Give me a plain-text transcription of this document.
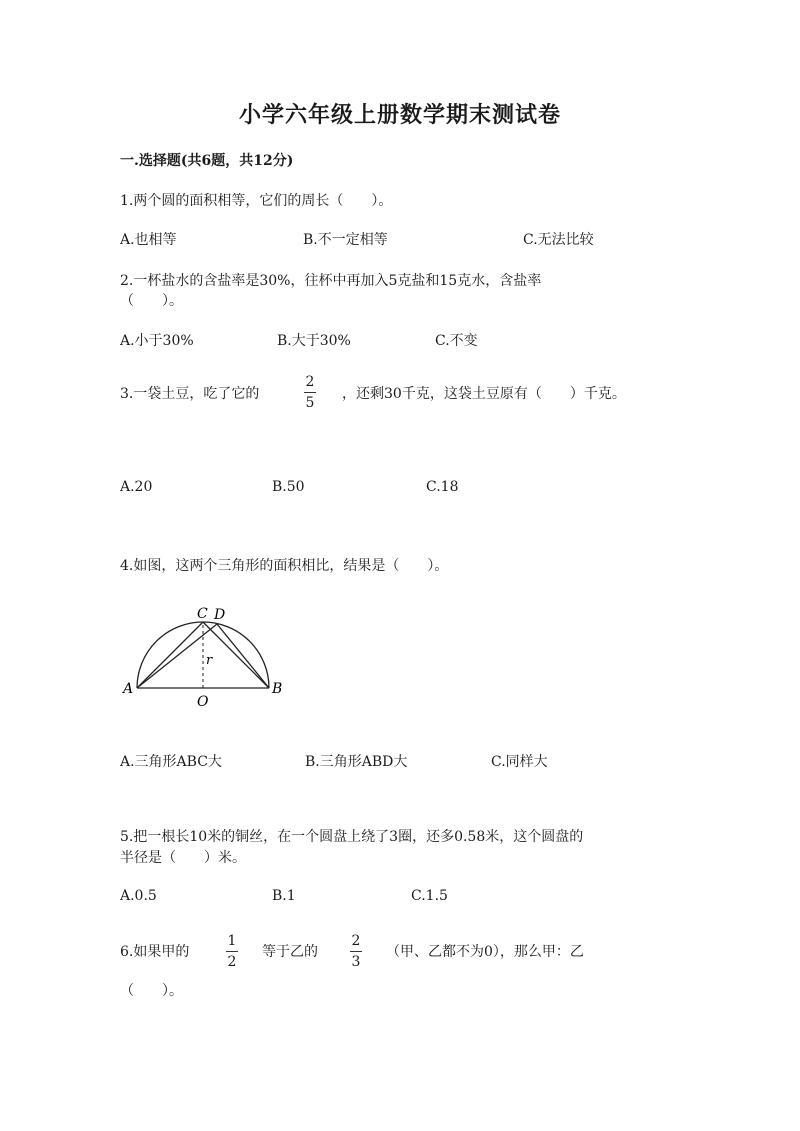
小学六年级上册数学期末测试卷
一.选择题(共6题，共12分)
1.两个圆的面积相等，它们的周长（　　）。
A.也相等	B.不一定相等	C.无法比较
2.一杯盐水的含盐率是30%，往杯中再加入5克盐和15克水，含盐率
（　　）。
A.小于30%	B.大于30%	C.不变
3.一袋土豆，吃了它的
2
5
，还剩30千克，这袋土豆原有（　　）千克。
A.20	B.50	C.18
4.如图，这两个三角形的面积相比，结果是（　　）。
A	B
C D
O
r
A.三角形ABC大	B.三角形ABD大	C.同样大
5.把一根长10米的铜丝，在一个圆盘上绕了3圈，还多0.58米，这个圆盘的
半径是（　　）米。
A.0.5	B.1	C.1.5
6.如果甲的
1
2
等于乙的
2
3
（甲、乙都不为0），那么甲：乙
（　　）。
